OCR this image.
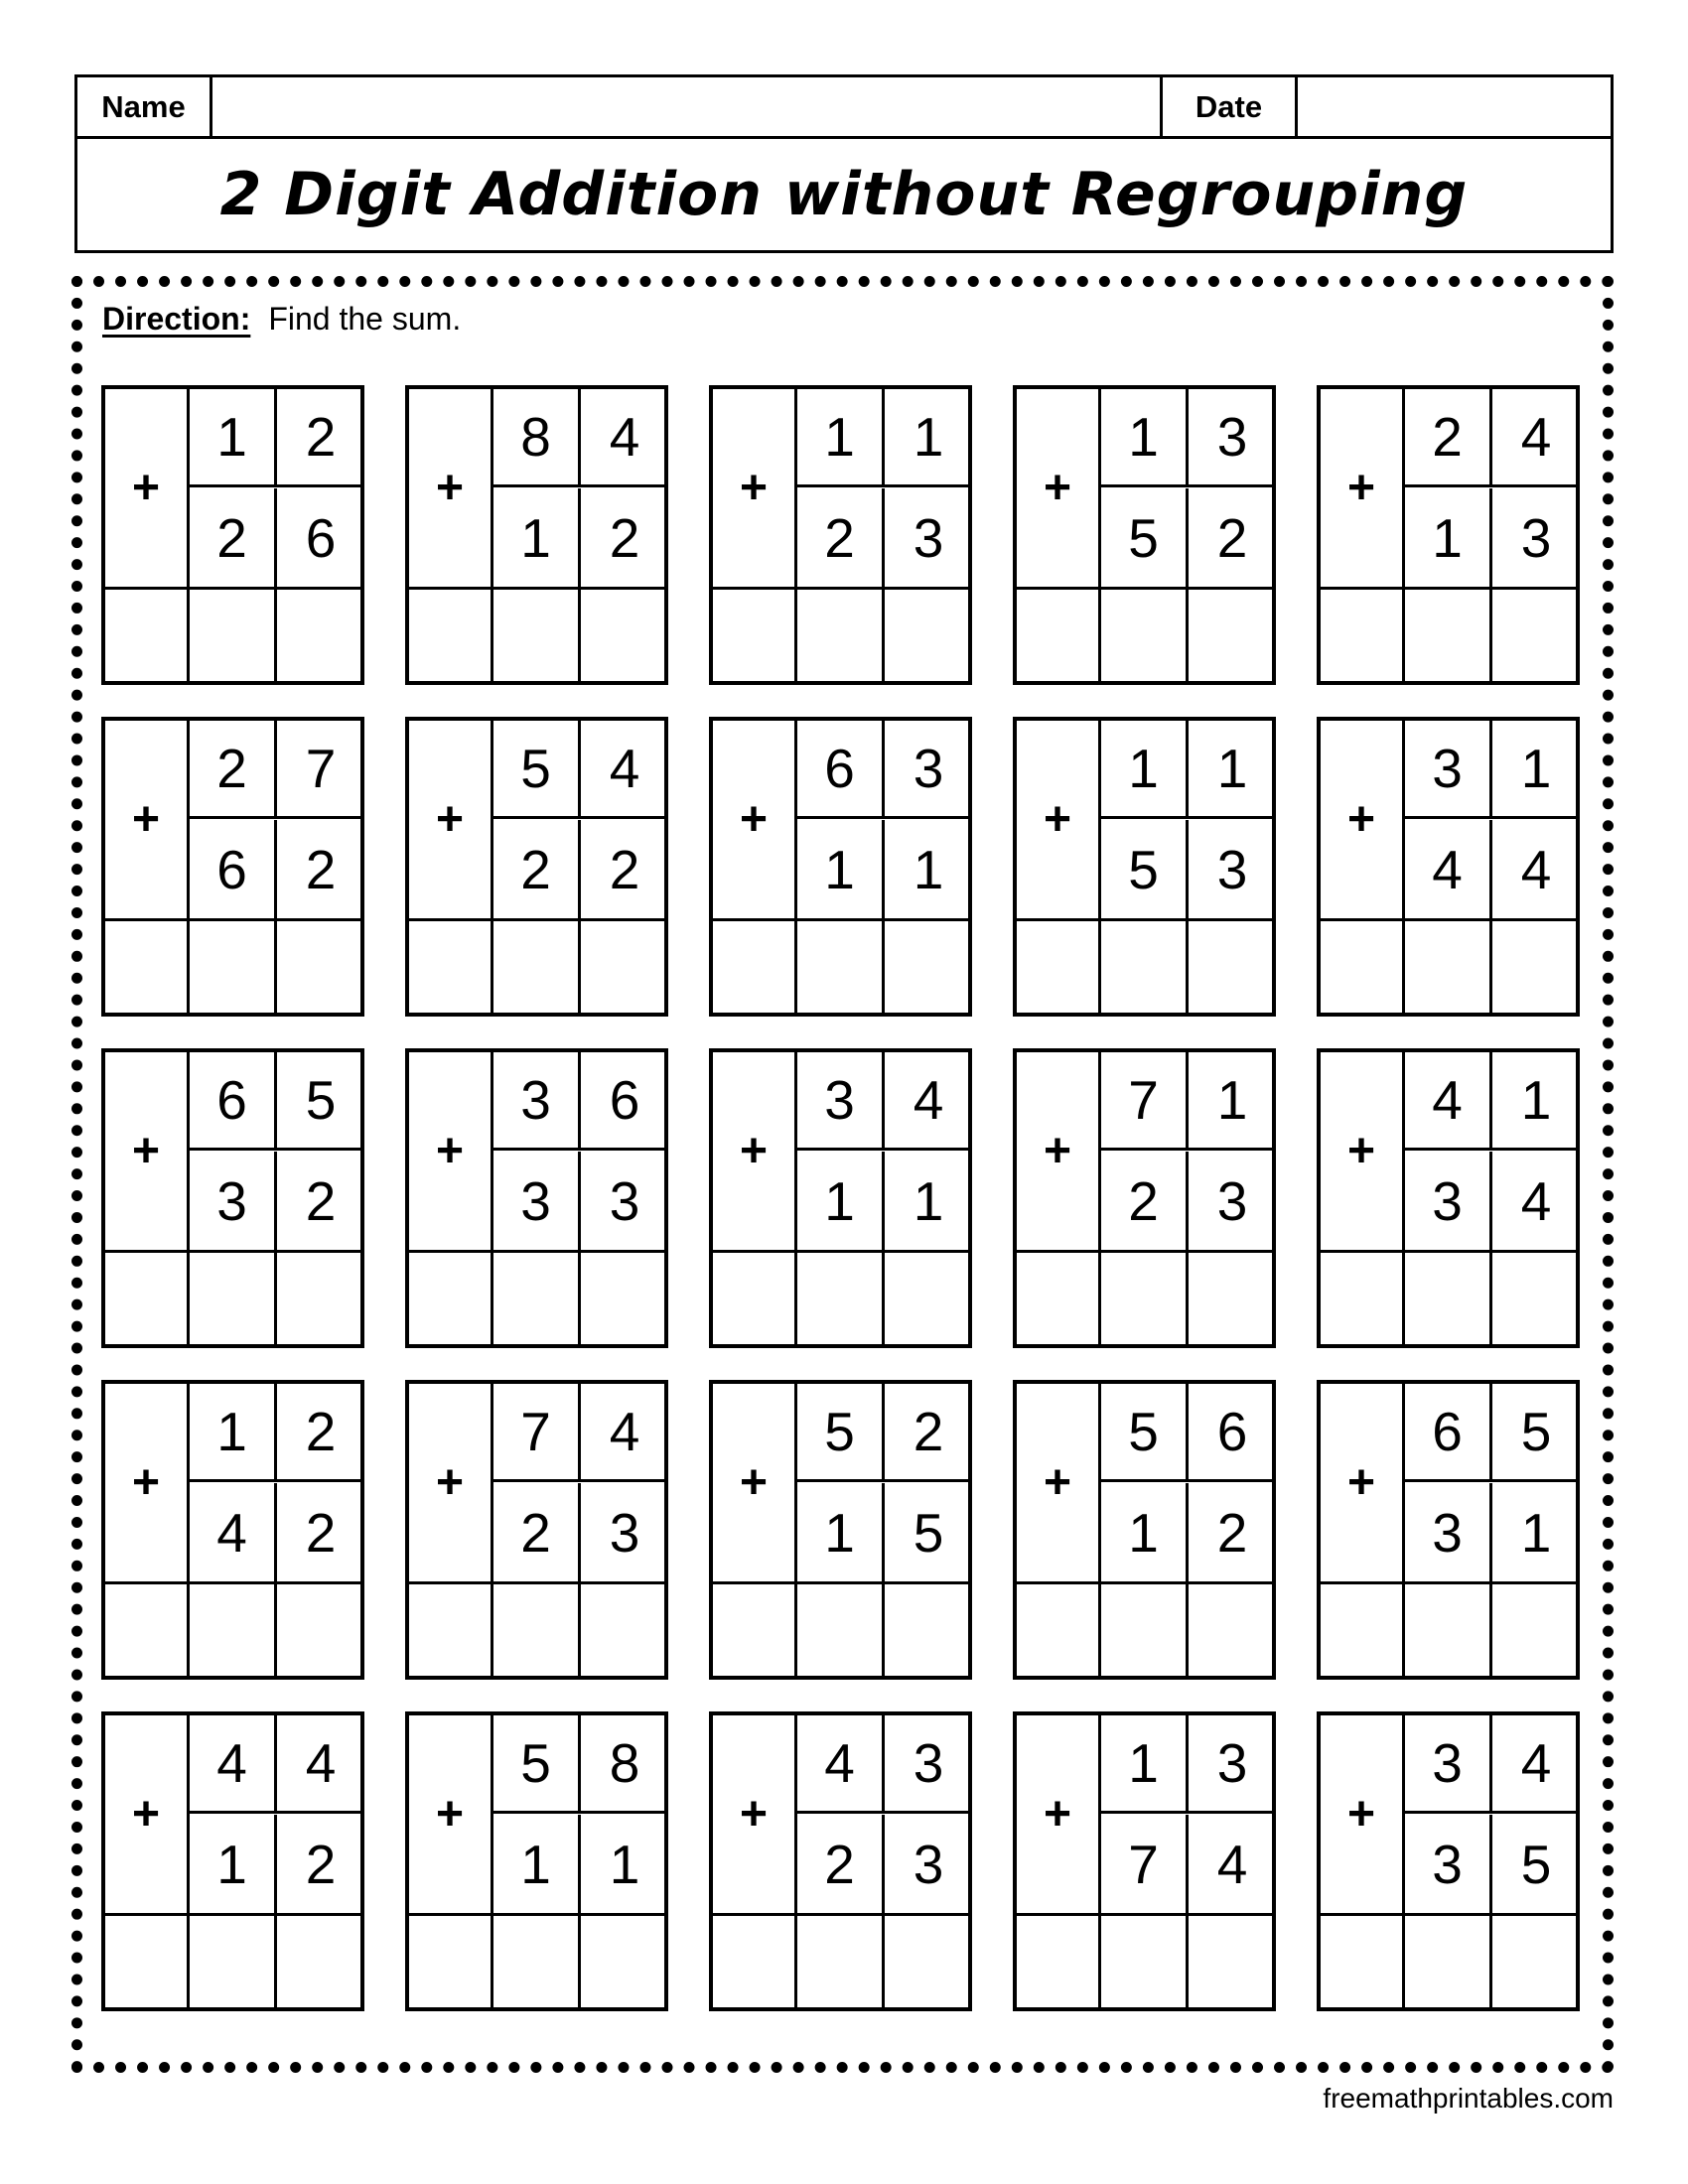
Name	Date
2 Digit Addition without Regrouping
Direction: Find the sum.
+
1	2
2	6
+
8	4
1	2
+
1	1
2	3
+
1	3
5	2
+
2	4
1	3
+
2	7
6	2
+
5	4
2	2
+
6	3
1	1
+
1	1
5	3
+
3	1
4	4
+
6	5
3	2
+
3	6
3	3
+
3	4
1	1
+
7	1
2	3
+
4	1
3	4
+
1	2
4	2
+
7	4
2	3
+
5	2
1	5
+
5	6
1	2
+
6	5
3	1
+
4	4
1	2
+
5	8
1	1
+
4	3
2	3
+
1	3
7	4
+
3	4
3	5
freemathprintables.com
